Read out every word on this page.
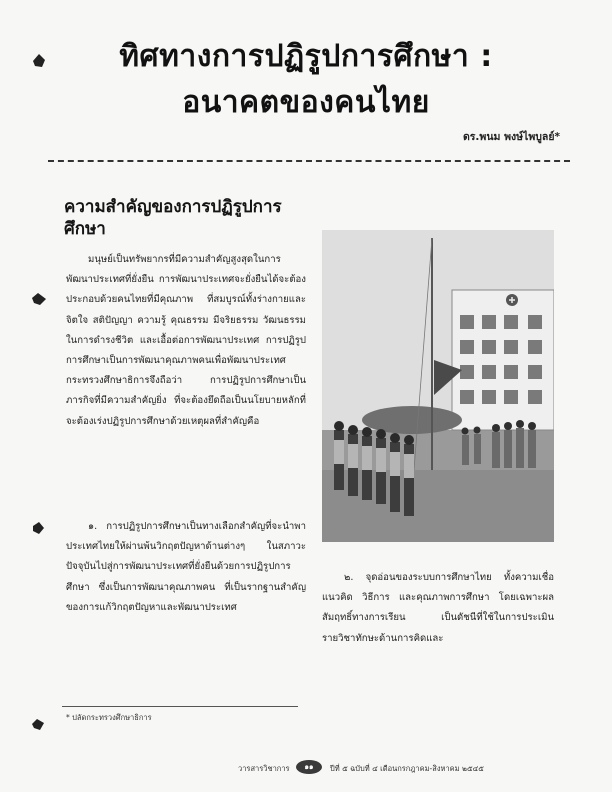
ทิศทางการปฏิรูปการศึกษา :
อนาคตของคนไทย
ดร.พนม พงษ์ไพบูลย์*
ความสำคัญของการปฏิรูปการศึกษา
มนุษย์เป็นทรัพยากรที่มีความสำคัญสูงสุดในการพัฒนาประเทศที่ยั่งยืน การพัฒนาประเทศจะยั่งยืนได้จะต้องประกอบด้วยคนไทยที่มีคุณภาพ ที่สมบูรณ์ทั้งร่างกายและจิตใจ สติปัญญา ความรู้ คุณธรรม มีจริยธรรม วัฒนธรรม ในการดำรงชีวิต และเอื้อต่อการพัฒนาประเทศ การปฏิรูปการศึกษาเป็นการพัฒนาคุณภาพคนเพื่อพัฒนาประเทศ กระทรวงศึกษาธิการจึงถือว่า การปฏิรูปการศึกษาเป็นภารกิจที่มีความสำคัญยิ่ง ที่จะต้องยึดถือเป็นนโยบายหลักที่จะต้องเร่งปฏิรูปการศึกษาด้วยเหตุผลที่สำคัญคือ
๑. การปฏิรูปการศึกษาเป็นทางเลือกสำคัญที่จะนำพาประเทศไทยให้ผ่านพ้นวิกฤตปัญหาด้านต่างๆ ในสภาวะปัจจุบันไปสู่การพัฒนาประเทศที่ยั่งยืนด้วยการปฏิรูปการศึกษา ซึ่งเป็นการพัฒนาคุณภาพคน ที่เป็นรากฐานสำคัญของการแก้วิกฤตปัญหาและพัฒนาประเทศ
๒. จุดอ่อนของระบบการศึกษาไทย ทั้งความเชื่อ แนวคิด วิธีการ และคุณภาพการศึกษา โดยเฉพาะผลสัมฤทธิ์ทางการเรียน เป็นดัชนีที่ใช้ในการประเมินรายวิชาทักษะด้านการคิดและ
* ปลัดกระทรวงศึกษาธิการ
วารสารวิชาการ	๑๑	ปีที่ ๕ ฉบับที่ ๔ เดือนกรกฎาคม-สิงหาคม ๒๕๔๕
